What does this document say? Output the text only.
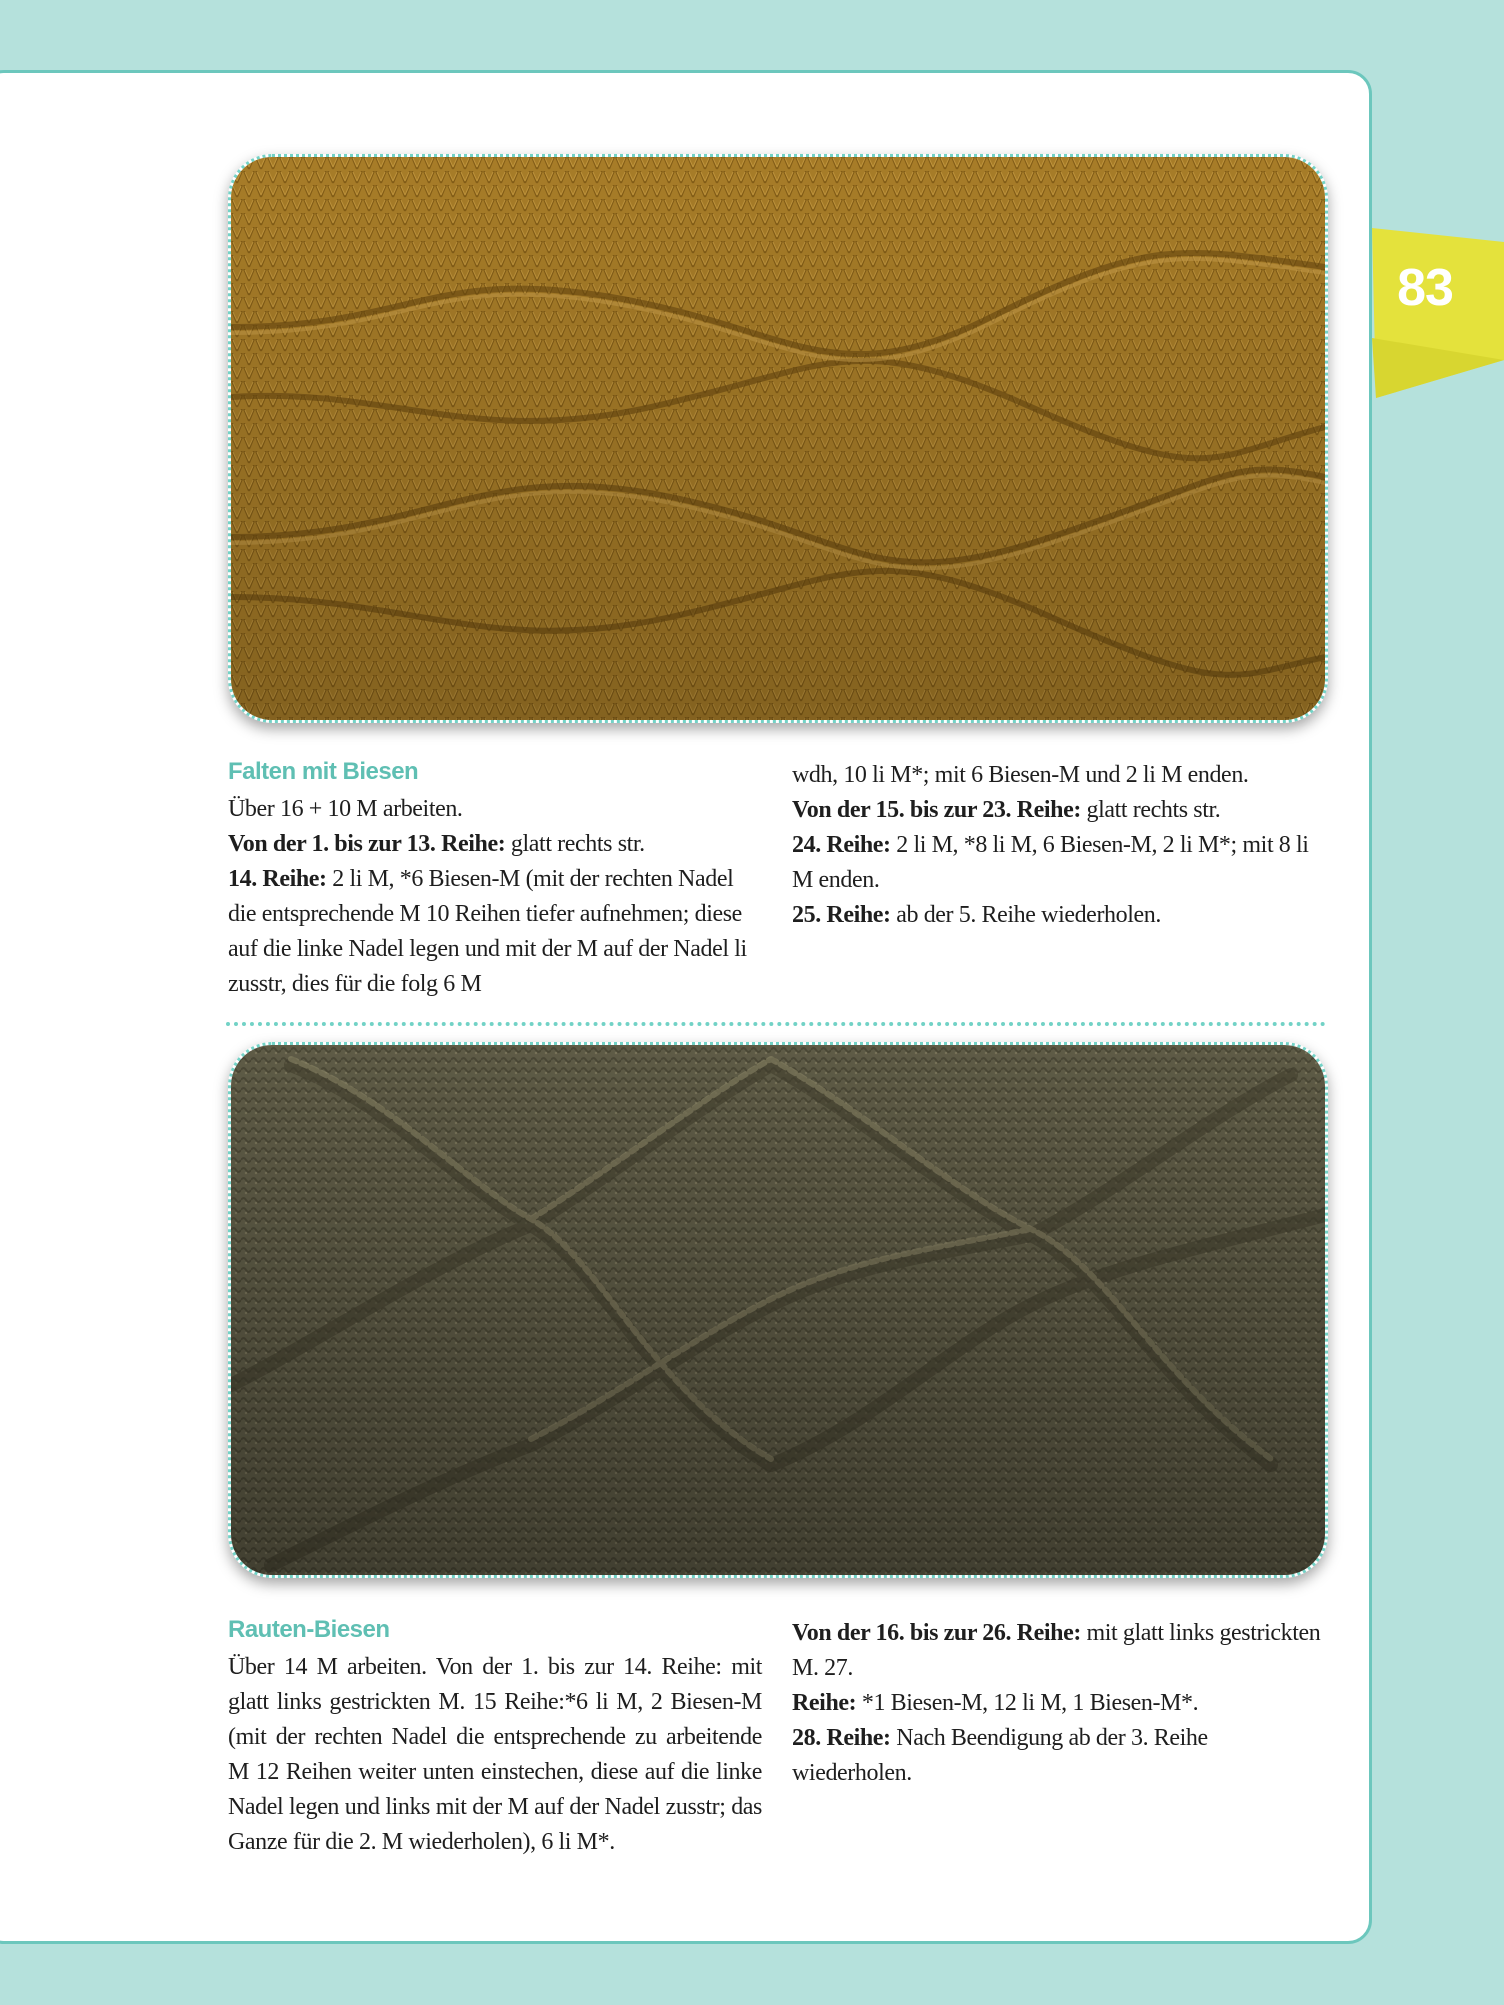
83
Falten mit Biesen

Über 16 + 10 M arbeiten.

Von der 1. bis zur 13. Reihe: glatt rechts str.

14. Reihe: 2 li M, *6 Biesen-M (mit der rechten Nadel die entsprechende M 10 Reihen tiefer aufnehmen; diese auf die linke Nadel legen und mit der M auf der Nadel li zusstr, dies für die folg 6 M

wdh, 10 li M*; mit 6 Biesen-M und 2 li M enden.

Von der 15. bis zur 23. Reihe: glatt rechts str.

24. Reihe: 2 li M, *8 li M, 6 Biesen-M, 2 li M*; mit 8 li M enden.

25. Reihe: ab der 5. Reihe wiederholen.

Rauten-Biesen

Über 14 M arbeiten. Von der 1. bis zur 14. Reihe: mit glatt links gestrickten M. 15 Reihe:*6 li M, 2 Biesen-M (mit der rechten Nadel die entsprechende zu arbeitende M 12 Reihen weiter unten einstechen, diese auf die linke Nadel legen und links mit der M auf der Nadel zusstr; das Ganze für die 2. M wiederholen), 6 li M*.

Von der 16. bis zur 26. Reihe: mit glatt links gestrickten M. 27.

Reihe: *1 Biesen-M, 12 li M, 1 Biesen-M*.

28. Reihe: Nach Beendigung ab der 3. Reihe wiederholen.
